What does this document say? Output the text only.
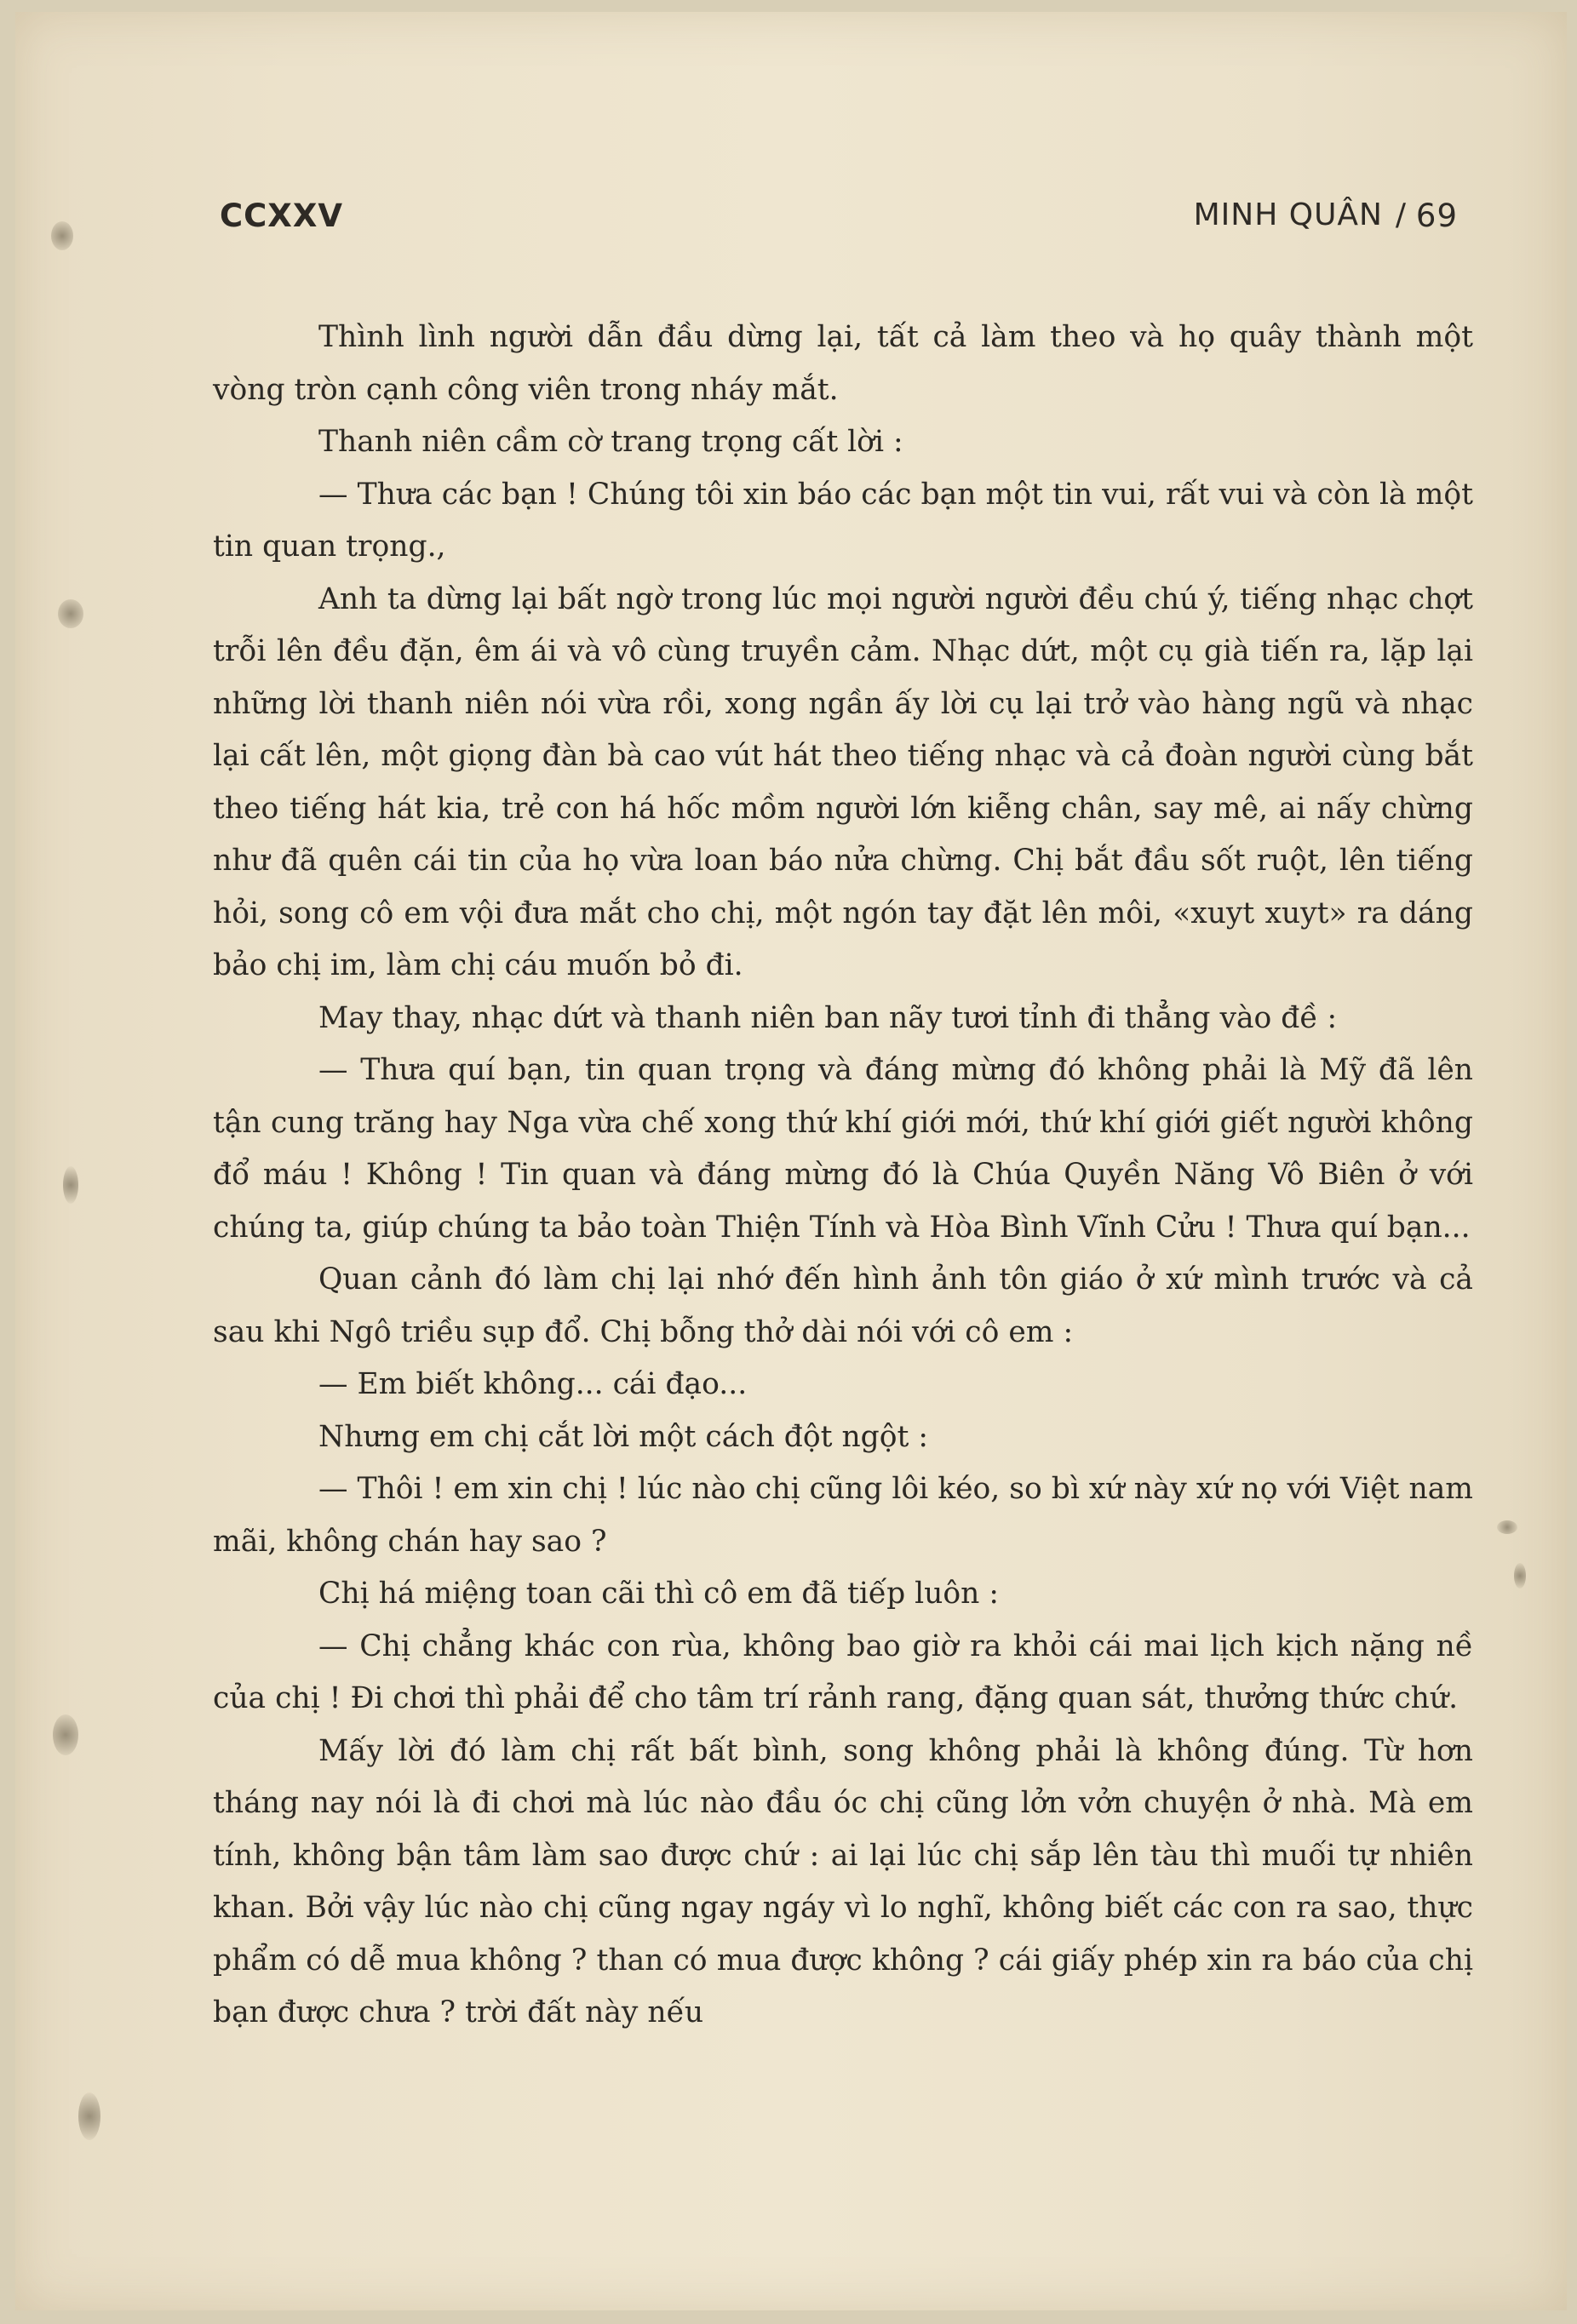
CCXXV	MINH QUÂN / 69

Thình lình người dẫn đầu dừng lại, tất cả làm theo và họ quây thành một vòng tròn cạnh công viên trong nháy mắt.

Thanh niên cầm cờ trang trọng cất lời :

— Thưa các bạn ! Chúng tôi xin báo các bạn một tin vui, rất vui và còn là một tin quan trọng.,

Anh ta dừng lại bất ngờ trong lúc mọi người người đều chú ý, tiếng nhạc chợt trỗi lên đều đặn, êm ái và vô cùng truyền cảm. Nhạc dứt, một cụ già tiến ra, lặp lại những lời thanh niên nói vừa rồi, xong ngần ấy lời cụ lại trở vào hàng ngũ và nhạc lại cất lên, một giọng đàn bà cao vút hát theo tiếng nhạc và cả đoàn người cùng bắt theo tiếng hát kia, trẻ con há hốc mồm người lớn kiễng chân, say mê, ai nấy chừng như đã quên cái tin của họ vừa loan báo nửa chừng. Chị bắt đầu sốt ruột, lên tiếng hỏi, song cô em vội đưa mắt cho chị, một ngón tay đặt lên môi, «xuyt xuyt» ra dáng bảo chị im, làm chị cáu muốn bỏ đi.

May thay, nhạc dứt và thanh niên ban nãy tươi tỉnh đi thẳng vào đề :

— Thưa quí bạn, tin quan trọng và đáng mừng đó không phải là Mỹ đã lên tận cung trăng hay Nga vừa chế xong thứ khí giới mới, thứ khí giới giết người không đổ máu ! Không ! Tin quan và đáng mừng đó là Chúa Quyền Năng Vô Biên ở với chúng ta, giúp chúng ta bảo toàn Thiện Tính và Hòa Bình Vĩnh Cửu ! Thưa quí bạn...

Quan cảnh đó làm chị lại nhớ đến hình ảnh tôn giáo ở xứ mình trước và cả sau khi Ngô triều sụp đổ. Chị bỗng thở dài nói với cô em :

— Em biết không... cái đạo...

Nhưng em chị cắt lời một cách đột ngột :

— Thôi ! em xin chị ! lúc nào chị cũng lôi kéo, so bì xứ này xứ nọ với Việt nam mãi, không chán hay sao ?

Chị há miệng toan cãi thì cô em đã tiếp luôn :

— Chị chẳng khác con rùa, không bao giờ ra khỏi cái mai lịch kịch nặng nề của chị ! Đi chơi thì phải để cho tâm trí rảnh rang, đặng quan sát, thưởng thức chứ.

Mấy lời đó làm chị rất bất bình, song không phải là không đúng. Từ hơn tháng nay nói là đi chơi mà lúc nào đầu óc chị cũng lởn vởn chuyện ở nhà. Mà em tính, không bận tâm làm sao được chứ : ai lại lúc chị sắp lên tàu thì muối tự nhiên khan. Bởi vậy lúc nào chị cũng ngay ngáy vì lo nghĩ, không biết các con ra sao, thực phẩm có dễ mua không ? than có mua được không ? cái giấy phép xin ra báo của chị bạn được chưa ? trời đất này nếu
